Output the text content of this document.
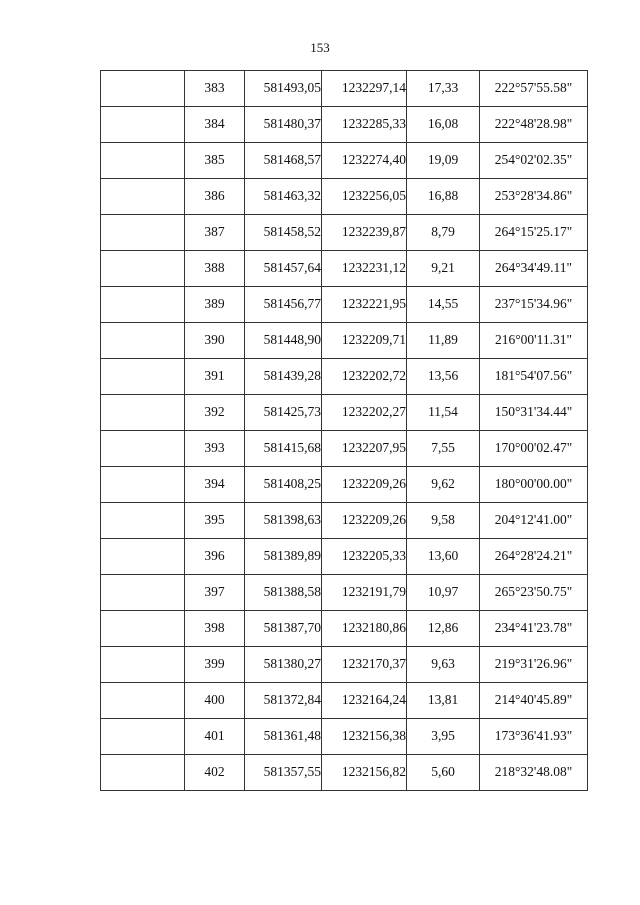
153
	383	581493,05	1232297,14	17,33	222°57'55.58"
	384	581480,37	1232285,33	16,08	222°48'28.98"
	385	581468,57	1232274,40	19,09	254°02'02.35"
	386	581463,32	1232256,05	16,88	253°28'34.86"
	387	581458,52	1232239,87	8,79	264°15'25.17"
	388	581457,64	1232231,12	9,21	264°34'49.11"
	389	581456,77	1232221,95	14,55	237°15'34.96"
	390	581448,90	1232209,71	11,89	216°00'11.31"
	391	581439,28	1232202,72	13,56	181°54'07.56"
	392	581425,73	1232202,27	11,54	150°31'34.44"
	393	581415,68	1232207,95	7,55	170°00'02.47"
	394	581408,25	1232209,26	9,62	180°00'00.00"
	395	581398,63	1232209,26	9,58	204°12'41.00"
	396	581389,89	1232205,33	13,60	264°28'24.21"
	397	581388,58	1232191,79	10,97	265°23'50.75"
	398	581387,70	1232180,86	12,86	234°41'23.78"
	399	581380,27	1232170,37	9,63	219°31'26.96"
	400	581372,84	1232164,24	13,81	214°40'45.89"
	401	581361,48	1232156,38	3,95	173°36'41.93"
	402	581357,55	1232156,82	5,60	218°32'48.08"
